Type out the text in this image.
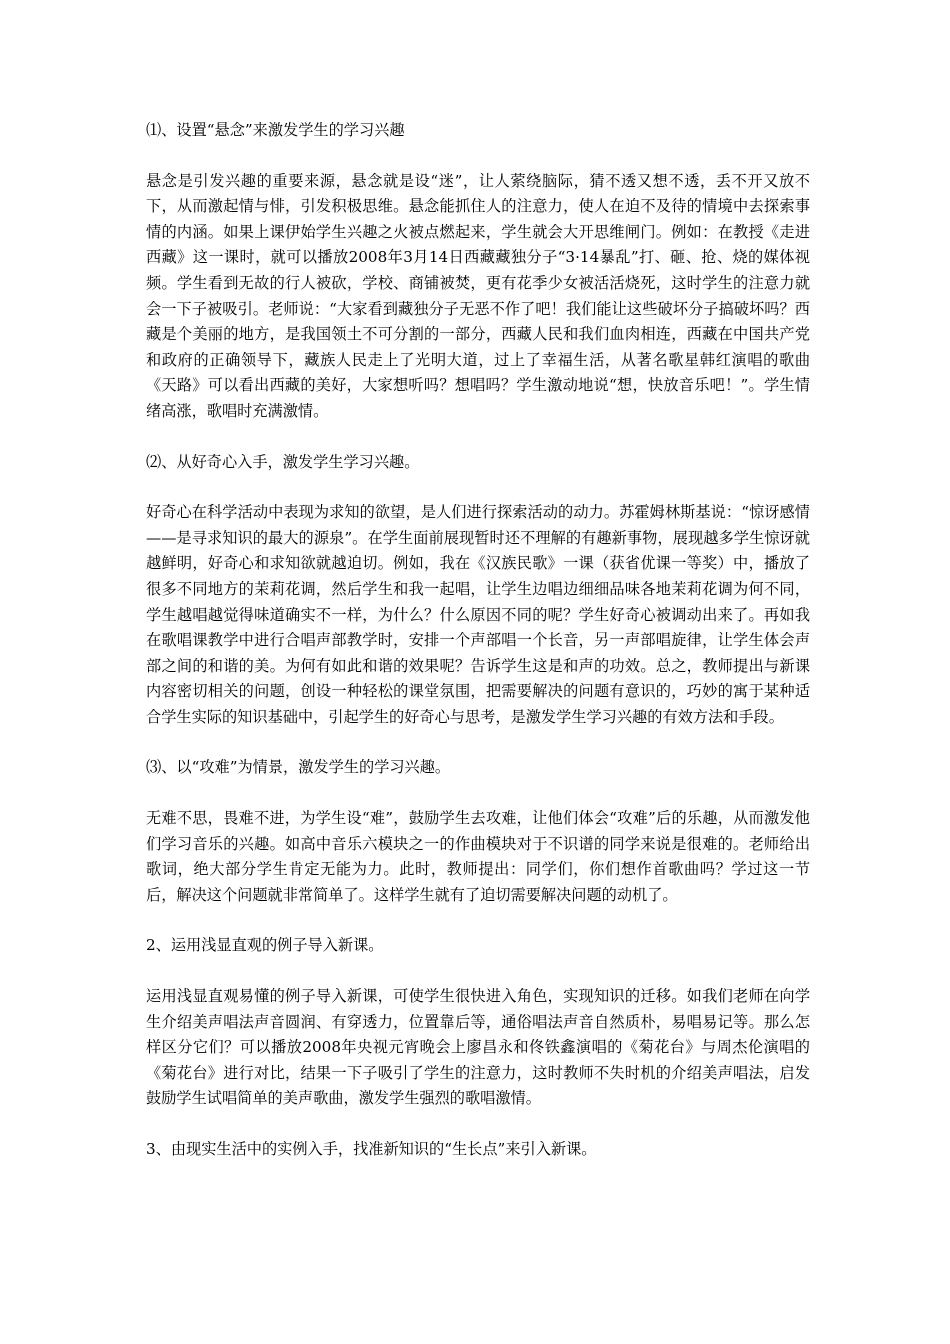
⑴、设置“悬念”来激发学生的学习兴趣

悬念是引发兴趣的重要来源，悬念就是设“迷”，让人萦绕脑际，猜不透又想不透，丢不开又放不下，从而激起情与悱，引发积极思维。悬念能抓住人的注意力，使人在迫不及待的情境中去探索事情的内涵。如果上课伊始学生兴趣之火被点燃起来，学生就会大开思维闸门。例如：在教授《走进西藏》这一课时，就可以播放2008年3月14日西藏藏独分子“3·14暴乱”打、砸、抢、烧的媒体视频。学生看到无故的行人被砍，学校、商铺被焚，更有花季少女被活活烧死，这时学生的注意力就会一下子被吸引。老师说：“大家看到藏独分子无恶不作了吧！我们能让这些破坏分子搞破坏吗？西藏是个美丽的地方，是我国领土不可分割的一部分，西藏人民和我们血肉相连，西藏在中国共产党和政府的正确领导下，藏族人民走上了光明大道，过上了幸福生活，从著名歌星韩红演唱的歌曲《天路》可以看出西藏的美好，大家想听吗？想唱吗？学生激动地说“想，快放音乐吧！”。学生情绪高涨，歌唱时充满激情。

⑵、从好奇心入手，激发学生学习兴趣。

好奇心在科学活动中表现为求知的欲望，是人们进行探索活动的动力。苏霍姆林斯基说：“惊讶感情——是寻求知识的最大的源泉”。在学生面前展现暂时还不理解的有趣新事物，展现越多学生惊讶就越鲜明，好奇心和求知欲就越迫切。例如，我在《汉族民歌》一课（获省优课一等奖）中，播放了很多不同地方的茉莉花调，然后学生和我一起唱，让学生边唱边细细品味各地茉莉花调为何不同，学生越唱越觉得味道确实不一样，为什么？什么原因不同的呢？学生好奇心被调动出来了。再如我在歌唱课教学中进行合唱声部教学时，安排一个声部唱一个长音，另一声部唱旋律，让学生体会声部之间的和谐的美。为何有如此和谐的效果呢？告诉学生这是和声的功效。总之，教师提出与新课内容密切相关的问题，创设一种轻松的课堂氛围，把需要解决的问题有意识的，巧妙的寓于某种适合学生实际的知识基础中，引起学生的好奇心与思考，是激发学生学习兴趣的有效方法和手段。

⑶、以“攻难”为情景，激发学生的学习兴趣。

无难不思，畏难不进，为学生设“难”，鼓励学生去攻难，让他们体会“攻难”后的乐趣，从而激发他们学习音乐的兴趣。如高中音乐六模块之一的作曲模块对于不识谱的同学来说是很难的。老师给出歌词，绝大部分学生肯定无能为力。此时，教师提出：同学们，你们想作首歌曲吗？学过这一节后，解决这个问题就非常简单了。这样学生就有了迫切需要解决问题的动机了。

2、运用浅显直观的例子导入新课。

运用浅显直观易懂的例子导入新课，可使学生很快进入角色，实现知识的迁移。如我们老师在向学生介绍美声唱法声音圆润、有穿透力，位置靠后等，通俗唱法声音自然质朴，易唱易记等。那么怎样区分它们？可以播放2008年央视元宵晚会上廖昌永和佟铁鑫演唱的《菊花台》与周杰伦演唱的《菊花台》进行对比，结果一下子吸引了学生的注意力，这时教师不失时机的介绍美声唱法，启发鼓励学生试唱简单的美声歌曲，激发学生强烈的歌唱激情。

3、由现实生活中的实例入手，找准新知识的“生长点”来引入新课。
